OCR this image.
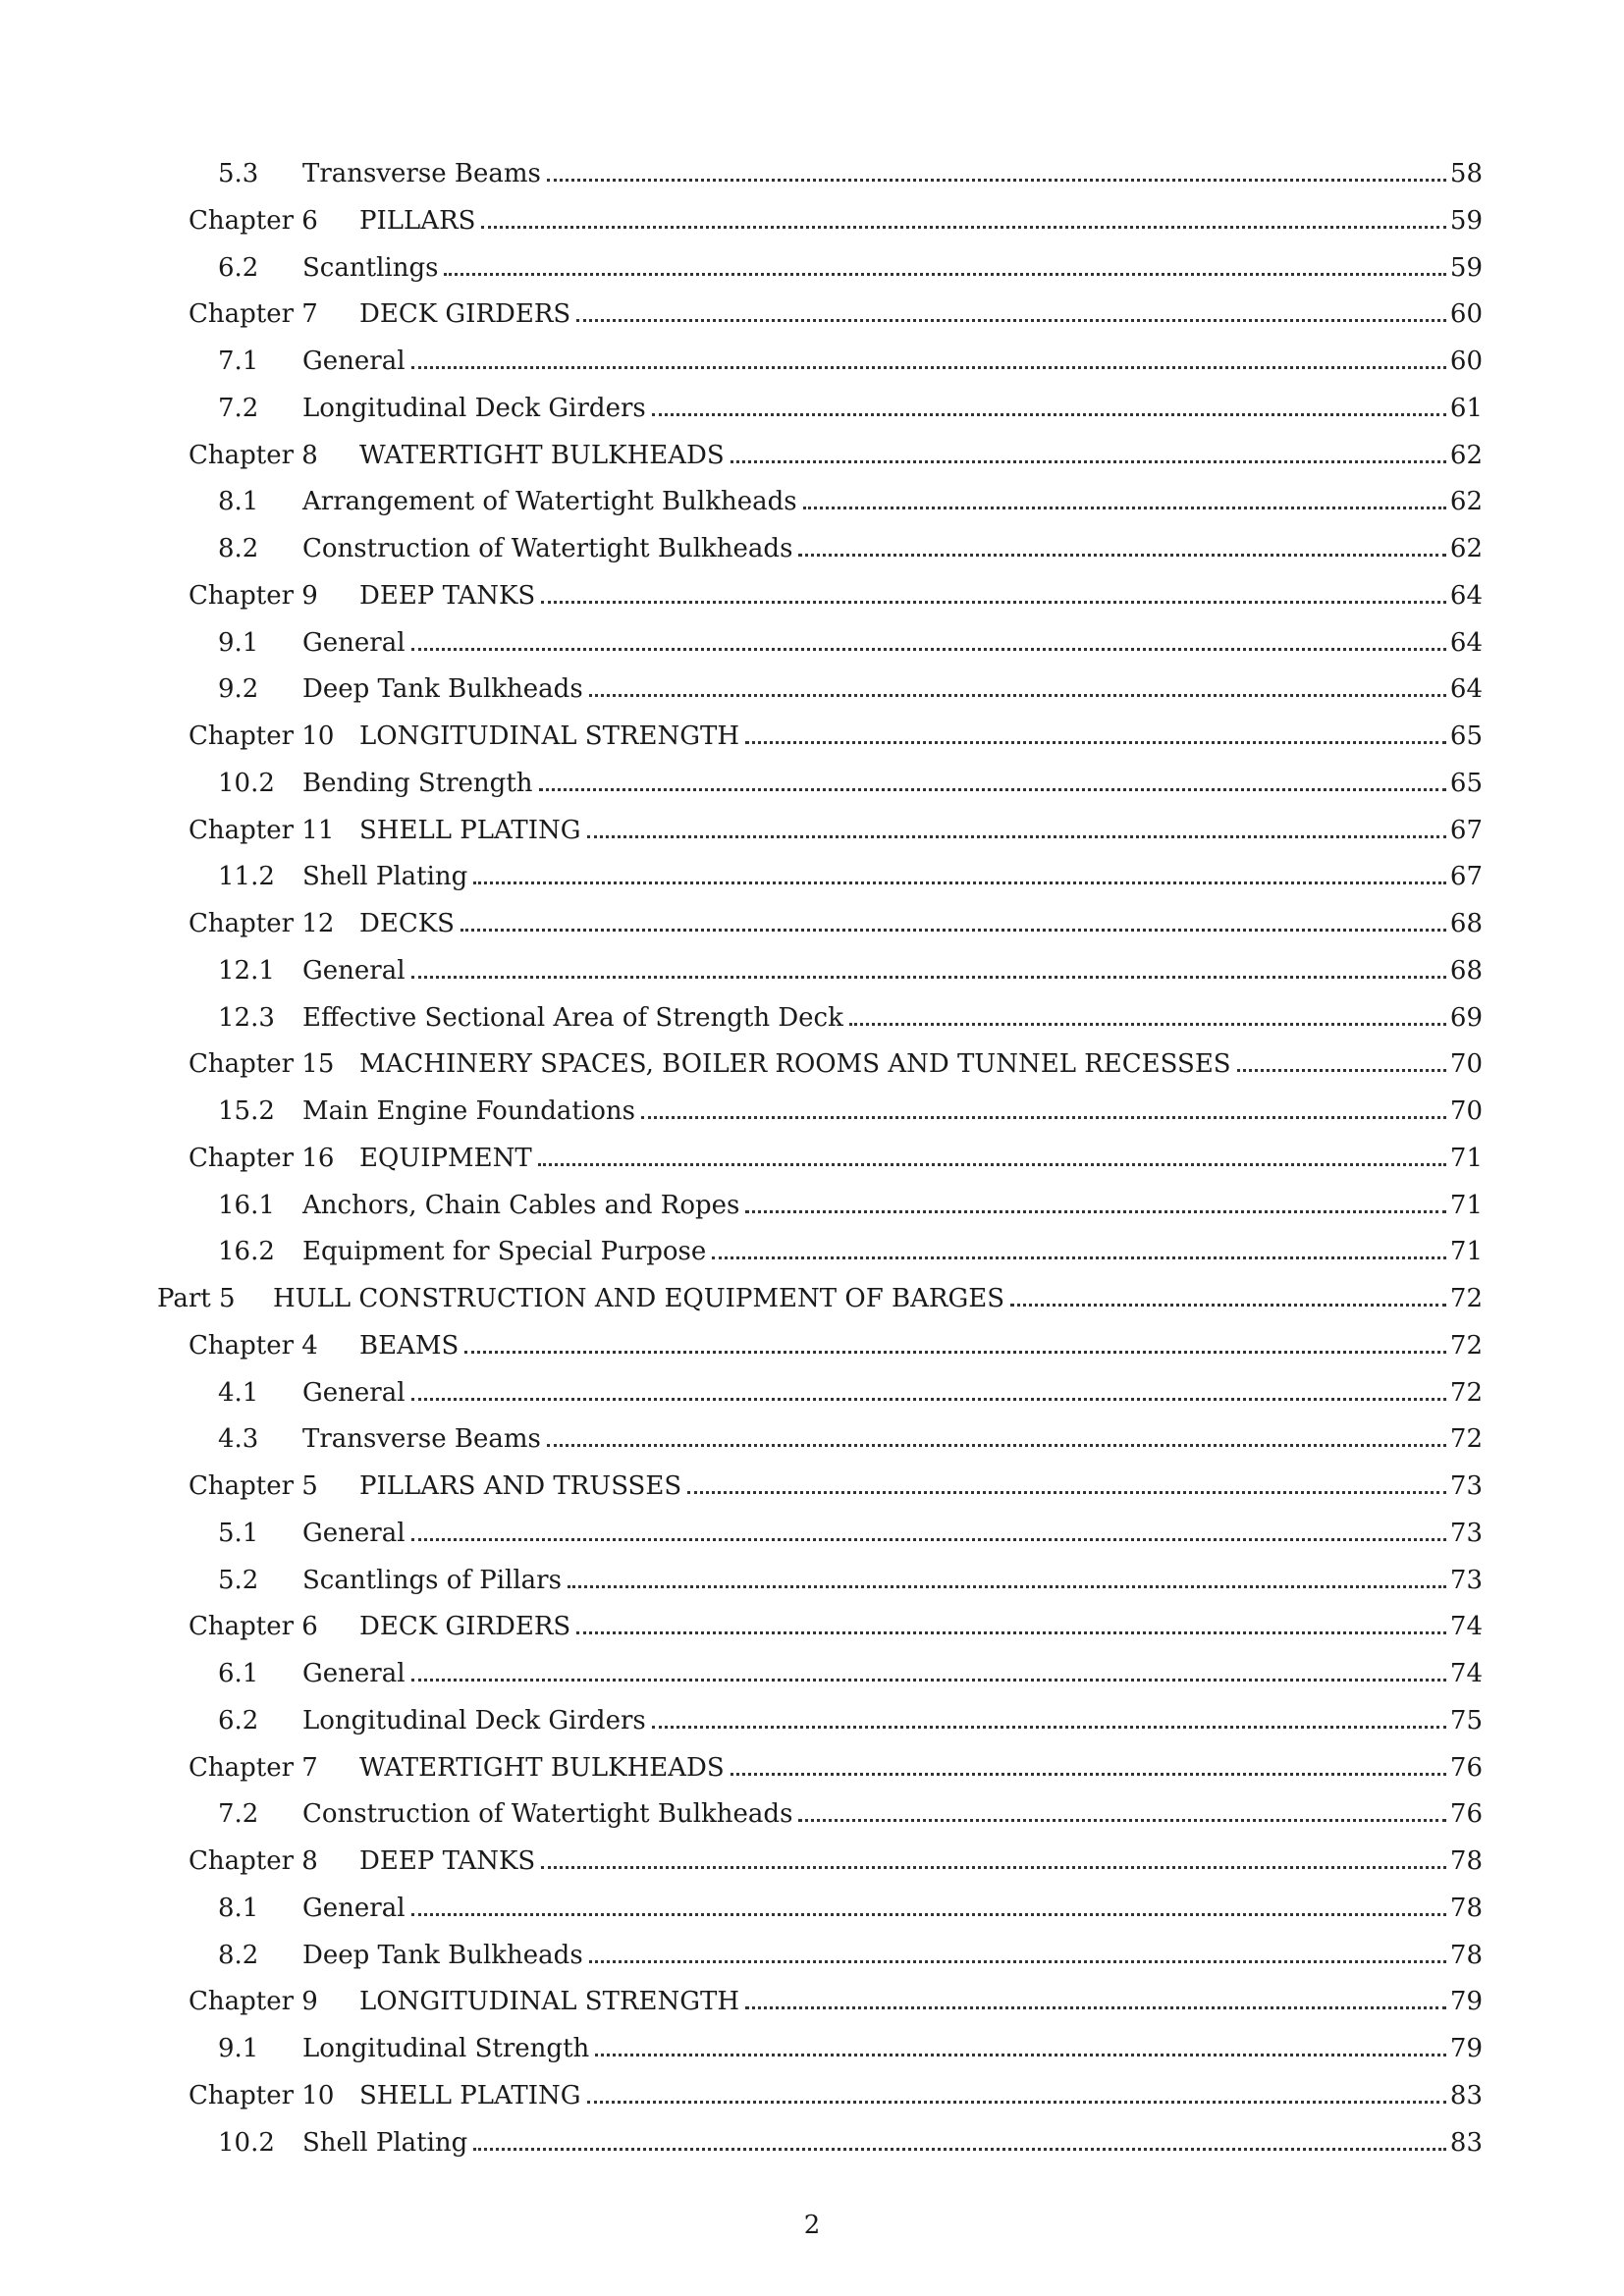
5.3	Transverse Beams	58
Chapter 6	PILLARS	59
6.2	Scantlings	59
Chapter 7	DECK GIRDERS	60
7.1	General	60
7.2	Longitudinal Deck Girders	61
Chapter 8	WATERTIGHT BULKHEADS	62
8.1	Arrangement of Watertight Bulkheads	62
8.2	Construction of Watertight Bulkheads	62
Chapter 9	DEEP TANKS	64
9.1	General	64
9.2	Deep Tank Bulkheads	64
Chapter 10 LONGITUDINAL STRENGTH	65
10.2	Bending Strength	65
Chapter 11 SHELL PLATING	67
11.2	Shell Plating	67
Chapter 12 DECKS	68
12.1	General	68
12.3	Effective Sectional Area of Strength Deck	69
Chapter 15 MACHINERY SPACES, BOILER ROOMS AND TUNNEL RECESSES	70
15.2	Main Engine Foundations	70
Chapter 16 EQUIPMENT	71
16.1	Anchors, Chain Cables and Ropes	71
16.2	Equipment for Special Purpose	71
Part 5	HULL CONSTRUCTION AND EQUIPMENT OF BARGES	72
Chapter 4	BEAMS	72
4.1	General	72
4.3	Transverse Beams	72
Chapter 5	PILLARS AND TRUSSES	73
5.1	General	73
5.2	Scantlings of Pillars	73
Chapter 6	DECK GIRDERS	74
6.1	General	74
6.2	Longitudinal Deck Girders	75
Chapter 7	WATERTIGHT BULKHEADS	76
7.2	Construction of Watertight Bulkheads	76
Chapter 8	DEEP TANKS	78
8.1	General	78
8.2	Deep Tank Bulkheads	78
Chapter 9	LONGITUDINAL STRENGTH	79
9.1	Longitudinal Strength	79
Chapter 10 SHELL PLATING	83
10.2	Shell Plating	83
2
